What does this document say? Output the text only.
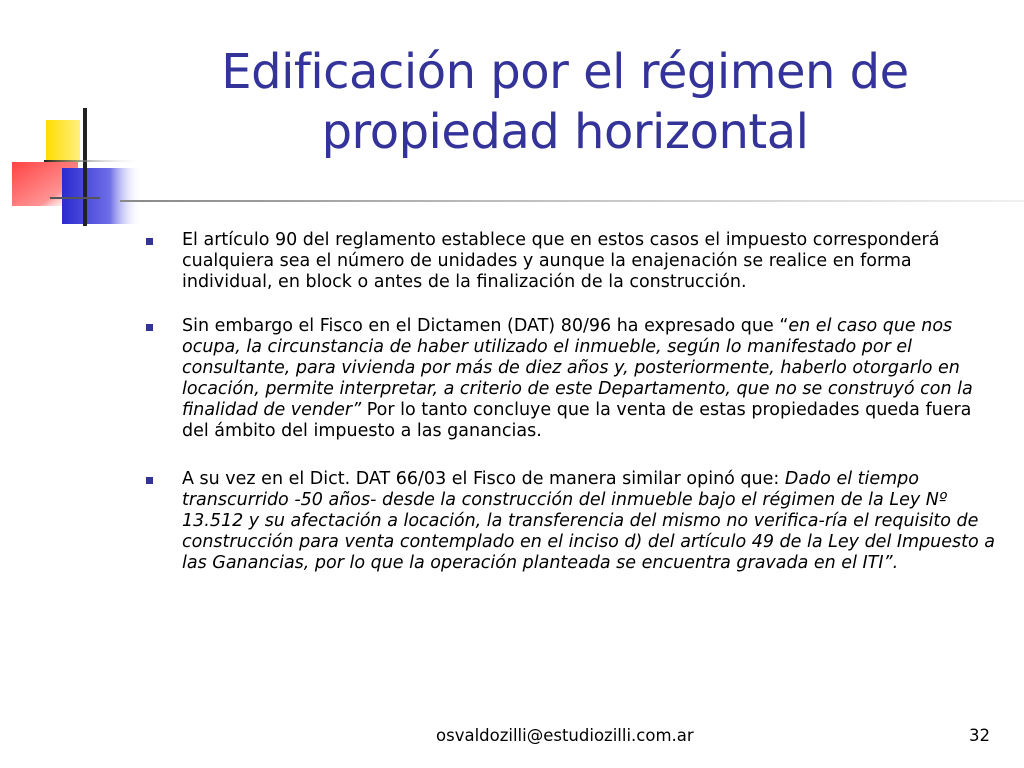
Edificación por el régimen de
propiedad horizontal
El artículo 90 del reglamento establece que en estos casos el impuesto corresponderá cualquiera sea el número de unidades y aunque la enajenación se realice en forma individual, en block o antes de la finalización de la construcción.
Sin embargo el Fisco en el Dictamen (DAT) 80/96 ha expresado que “en el caso que nos ocupa, la circunstancia de haber utilizado el inmueble, según lo manifestado por el consultante, para vivienda por más de diez años y, posteriormente, haberlo otorgarlo en locación, permite interpretar, a criterio de este Departamento, que no se construyó con la finalidad de vender” Por lo tanto concluye que la venta de estas propiedades queda fuera del ámbito del impuesto a las ganancias.
A su vez en el Dict. DAT 66/03 el Fisco de manera similar opinó que: Dado el tiempo transcurrido -50 años- desde la construcción del inmueble bajo el régimen de la Ley Nº 13.512 y su afectación a locación, la transferencia del mismo no verifica-ría el requisito de construcción para venta contemplado en el inciso d) del artículo 49 de la Ley del Impuesto a las Ganancias, por lo que la operación planteada se encuentra gravada en el ITI”.
osvaldozilli@estudiozilli.com.ar	32
